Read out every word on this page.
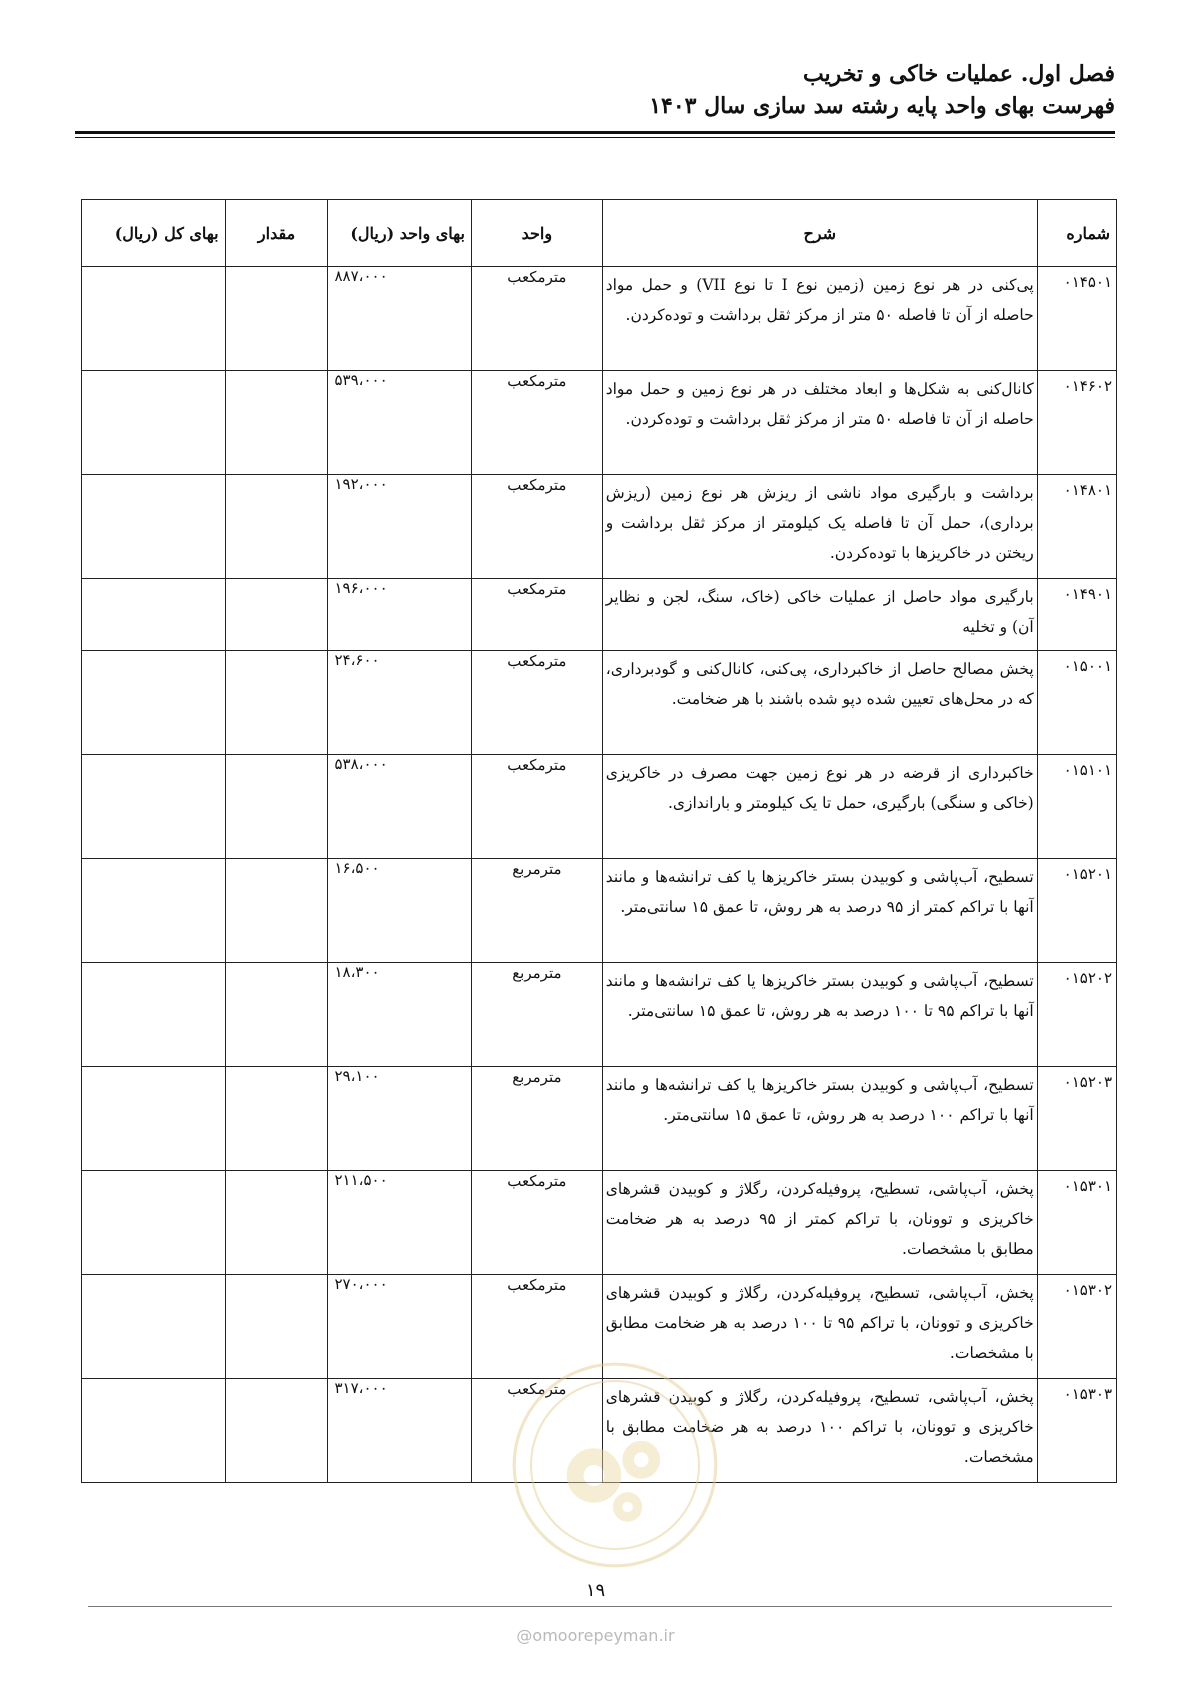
فصل اول. عملیات خاکی و تخریب
فهرست بهای واحد پایه رشته سد سازی سال ۱۴۰۳
شماره	شرح	واحد	بهای واحد (ریال)	مقدار	بهای کل (ریال)
۰۱۴۵۰۱	پی‌کنی در هر نوع زمین (زمین نوع I تا نوع VII) و حمل مواد حاصله از آن تا فاصله ۵۰ متر از مرکز ثقل برداشت و توده‌کردن.	مترمکعب	۸۸۷،۰۰۰		
۰۱۴۶۰۲	کانال‌کنی به شکل‌ها و ابعاد مختلف در هر نوع زمین و حمل مواد حاصله از آن تا فاصله ۵۰ متر از مرکز ثقل برداشت و توده‌کردن.	مترمکعب	۵۳۹،۰۰۰		
۰۱۴۸۰۱	برداشت و بارگیری مواد ناشی از ریزش هر نوع زمین (ریزش برداری)، حمل آن تا فاصله یک کیلومتر از مرکز ثقل برداشت و ریختن در خاکریزها با توده‌کردن.	مترمکعب	۱۹۲،۰۰۰		
۰۱۴۹۰۱	بارگیری مواد حاصل از عملیات خاکی (خاک، سنگ، لجن و نظایر آن) و تخلیه	مترمکعب	۱۹۶،۰۰۰		
۰۱۵۰۰۱	پخش مصالح حاصل از خاکبرداری، پی‌کنی، کانال‌کنی و گودبرداری، که در محل‌های تعیین شده دپو شده باشند با هر ضخامت.	مترمکعب	۲۴،۶۰۰		
۰۱۵۱۰۱	خاکبرداری از قرضه در هر نوع زمین جهت مصرف در خاکریزی (خاکی و سنگی) بارگیری، حمل تا یک کیلومتر و باراندازی.	مترمکعب	۵۳۸،۰۰۰		
۰۱۵۲۰۱	تسطیح، آب‌پاشی و کوبیدن بستر خاکریزها یا کف ترانشه‌ها و مانند آنها با تراکم کمتر از ۹۵ درصد به هر روش، تا عمق ۱۵ سانتی‌متر.	مترمربع	۱۶،۵۰۰		
۰۱۵۲۰۲	تسطیح، آب‌پاشی و کوبیدن بستر خاکریزها یا کف ترانشه‌ها و مانند آنها با تراکم ۹۵ تا ۱۰۰ درصد به هر روش، تا عمق ۱۵ سانتی‌متر.	مترمربع	۱۸،۳۰۰		
۰۱۵۲۰۳	تسطیح، آب‌پاشی و کوبیدن بستر خاکریزها یا کف ترانشه‌ها و مانند آنها با تراکم ۱۰۰ درصد به هر روش، تا عمق ۱۵ سانتی‌متر.	مترمربع	۲۹،۱۰۰		
۰۱۵۳۰۱	پخش، آب‌پاشی، تسطیح، پروفیله‌کردن، رگلاژ و کوبیدن قشرهای خاکریزی و توونان، با تراکم کمتر از ۹۵ درصد به هر ضخامت مطابق با مشخصات.	مترمکعب	۲۱۱،۵۰۰		
۰۱۵۳۰۲	پخش، آب‌پاشی، تسطیح، پروفیله‌کردن، رگلاژ و کوبیدن قشرهای خاکریزی و توونان، با تراکم ۹۵ تا ۱۰۰ درصد به هر ضخامت مطابق با مشخصات.	مترمکعب	۲۷۰،۰۰۰		
۰۱۵۳۰۳	پخش، آب‌پاشی، تسطیح، پروفیله‌کردن، رگلاژ و کوبیدن قشرهای خاکریزی و توونان، با تراکم ۱۰۰ درصد به هر ضخامت مطابق با مشخصات.	مترمکعب	۳۱۷،۰۰۰		
۱۹
@omoorepeyman.ir
